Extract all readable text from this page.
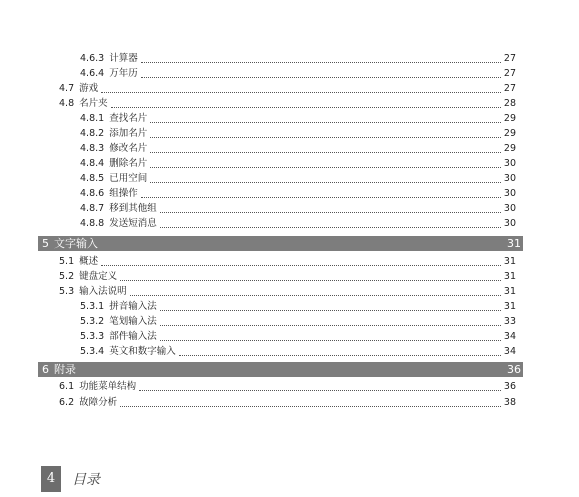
4.6.3 计算器	27
4.6.4 万年历	27
4.7 游戏	27
4.8 名片夹	28
4.8.1 查找名片	29
4.8.2 添加名片	29
4.8.3 修改名片	29
4.8.4 删除名片	30
4.8.5 已用空间	30
4.8.6 组操作	30
4.8.7 移到其他组	30
4.8.8 发送短消息	30
5 文字输入	31
5.1 概述	31
5.2 键盘定义	31
5.3 输入法说明	31
5.3.1 拼音输入法	31
5.3.2 笔划输入法	33
5.3.3 部件输入法	34
5.3.4 英文和数字输入	34
6 附录	36
6.1 功能菜单结构	36
6.2 故障分析	38
4	目录
